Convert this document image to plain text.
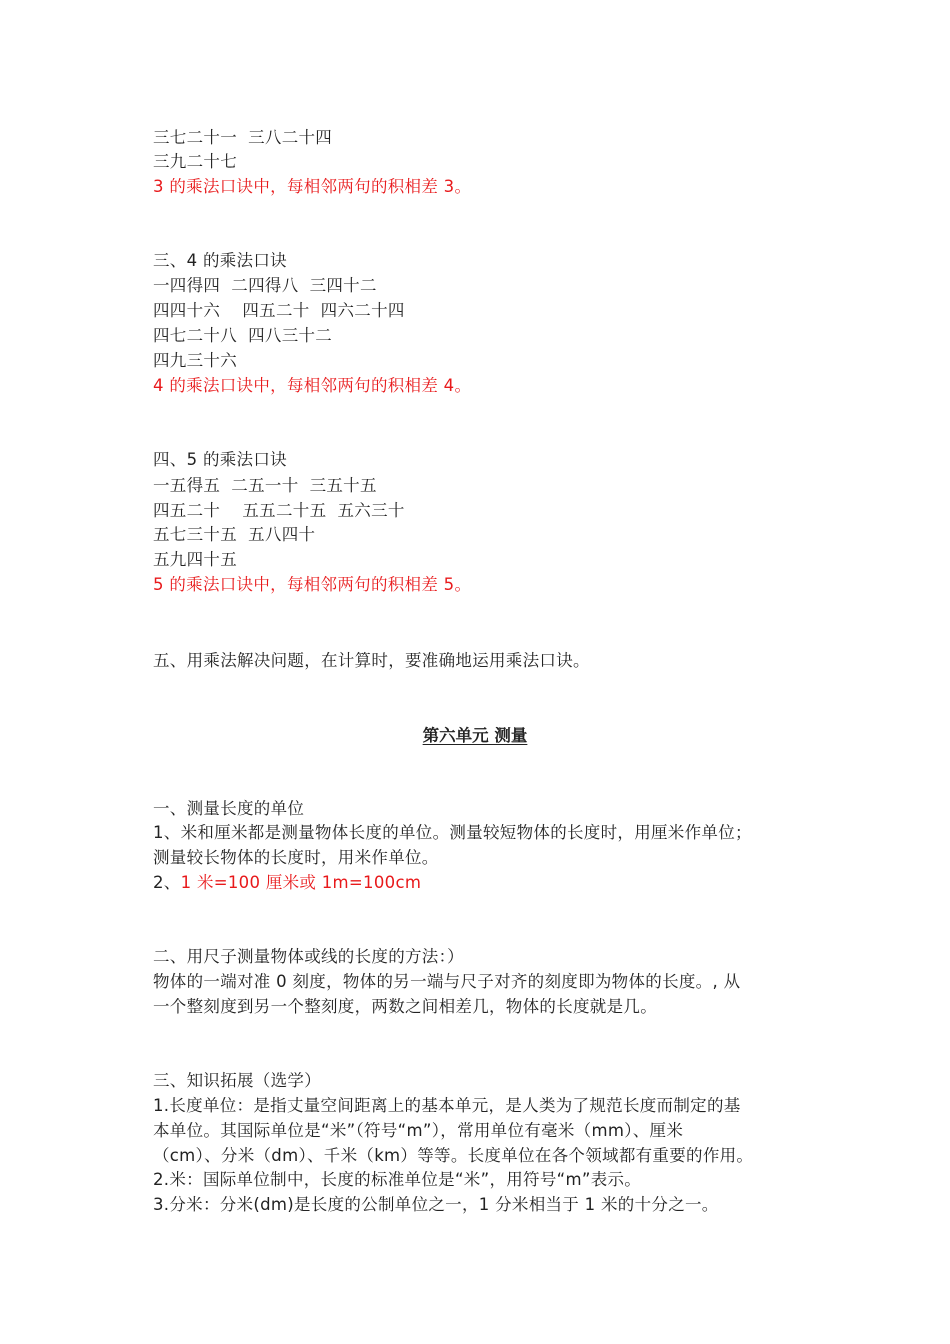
三七二十一  三八二十四
三九二十七
3 的乘法口诀中，每相邻两句的积相差 3。
三、4 的乘法口诀
一四得四  二四得八  三四十二
四四十六    四五二十  四六二十四
四七二十八  四八三十二
四九三十六
4 的乘法口诀中，每相邻两句的积相差 4。
四、5 的乘法口诀
一五得五  二五一十  三五十五
四五二十    五五二十五  五六三十
五七三十五  五八四十
五九四十五
5 的乘法口诀中，每相邻两句的积相差 5。
五、用乘法解决问题，在计算时，要准确地运用乘法口诀。
第六单元 测量
一、测量长度的单位
1、米和厘米都是测量物体长度的单位。测量较短物体的长度时，用厘米作单位；
测量较长物体的长度时，用米作单位。
2、1 米=100 厘米或 1m=100cm
二、用尺子测量物体或线的长度的方法：）
物体的一端对准 0 刻度，物体的另一端与尺子对齐的刻度即为物体的长度。, 从
一个整刻度到另一个整刻度，两数之间相差几，物体的长度就是几。
三、知识拓展（选学）
1.长度单位：是指丈量空间距离上的基本单元，是人类为了规范长度而制定的基
本单位。其国际单位是“米”（符号“m”），常用单位有毫米（mm）、厘米
（cm）、分米（dm）、千米（km）等等。长度单位在各个领域都有重要的作用。
2.米：国际单位制中，长度的标准单位是“米”，用符号“m”表示。
3.分米：分米(dm)是长度的公制单位之一，1 分米相当于 1 米的十分之一。
